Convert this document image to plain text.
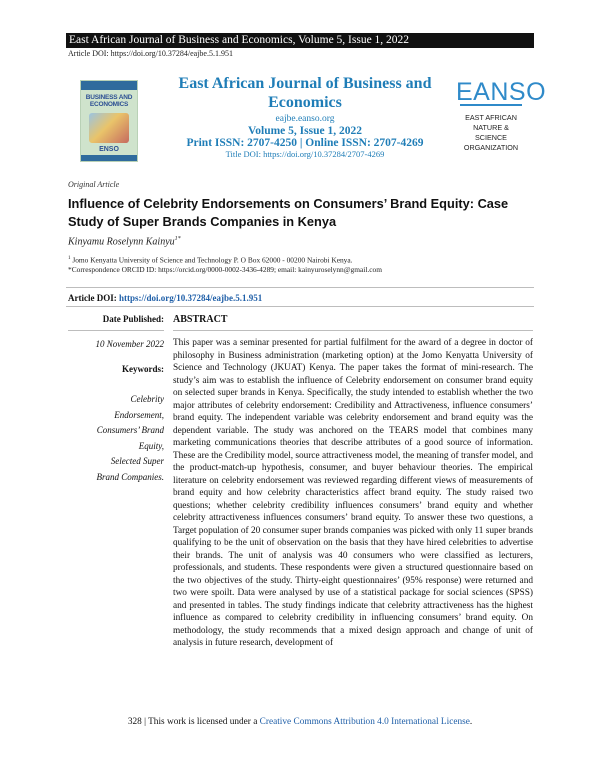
East African Journal of Business and Economics, Volume 5, Issue 1, 2022
Article DOI: https://doi.org/10.37284/eajbe.5.1.951
BUSINESS AND ECONOMICS
ENSO
East African Journal of Business and Economics
eajbe.eanso.org
Volume 5, Issue 1, 2022
Print ISSN: 2707-4250 | Online ISSN: 2707-4269
Title DOI: https://doi.org/10.37284/2707-4269
EANSO
EAST AFRICAN
NATURE &
SCIENCE
ORGANIZATION
Original Article
Influence of Celebrity Endorsements on Consumers’ Brand Equity: Case Study of Super Brands Companies in Kenya
Kinyamu Roselynn Kainyu$^{1*}$
$^1$ Jomo Kenyatta University of Science and Technology P. O Box 62000 - 00200 Nairobi Kenya.
*Correspondence ORCID ID: https://orcid.org/0000-0002-3436-4289; email: kainyuroselynn@gmail.com
Article DOI: https://doi.org/10.37284/eajbe.5.1.951
Date Published:
10 November 2022
Keywords:
Celebrity
Endorsement,
Consumers’ Brand
Equity,
Selected Super
Brand Companies.
ABSTRACT
This paper was a seminar presented for partial fulfilment for the award of a degree in doctor of philosophy in Business administration (marketing option) at the Jomo Kenyatta University of Science and Technology (JKUAT) Kenya. The paper takes the format of mini-research. The study’s aim was to establish the influence of Celebrity endorsement on consumer brand equity on selected super brands in Kenya. Specifically, the study intended to establish whether the two major attributes of celebrity endorsement: Credibility and Attractiveness, influence consumers’ brand equity. The independent variable was celebrity endorsement and brand equity was the dependent variable. The study was anchored on the TEARS model that combines many marketing communications theories that describe attributes of a good source of information. These are the Credibility model, source attractiveness model, the meaning of transfer model, and the product-match-up hypothesis, consumer, and buyer behaviour theories. The empirical literature on celebrity endorsement was reviewed regarding different views of measurements of brand equity and how celebrity characteristics affect brand equity. The study raised two questions; whether celebrity credibility influences consumers’ brand equity and whether celebrity attractiveness influences consumers’ brand equity. To answer these two questions, a Target population of 20 consumer super brands companies was picked with only 11 super brands qualifying to be the unit of observation on the basis that they have hired celebrities to advertise their brands. The unit of analysis was 40 consumers who were classified as lecturers, professionals, and students. These respondents were given a structured questionnaire based on the two objectives of the study. Thirty-eight questionnaires’ (95% response) were returned and two were spoilt. Data were analysed by use of a statistical package for social sciences (SPSS) and presented in tables. The study findings indicate that celebrity attractiveness has the highest influence as compared to celebrity credibility in influencing consumers’ brand equity. On methodology, the study recommends that a mixed design approach and change of unit of analysis in future research, development of
328 | This work is licensed under a Creative Commons Attribution 4.0 International License.
